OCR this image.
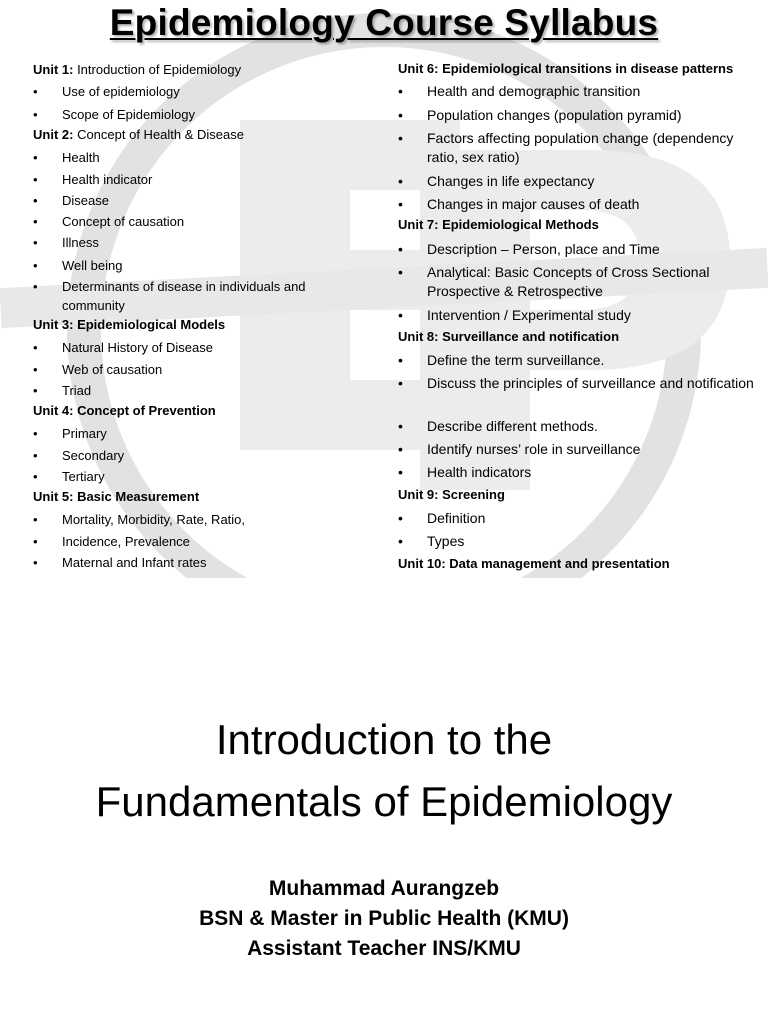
Epidemiology Course Syllabus
Unit 1: Introduction of Epidemiology
• Use of epidemiology
• Scope of Epidemiology
Unit 2: Concept of Health & Disease
• Health
• Health indicator
• Disease
• Concept of causation
• Illness
• Well being
• Determinants of disease in individuals and community
Unit 3: Epidemiological Models
• Natural History of Disease
• Web of causation
• Triad
Unit 4: Concept of Prevention
• Primary
• Secondary
• Tertiary
Unit 5: Basic Measurement
• Mortality, Morbidity, Rate, Ratio,
• Incidence, Prevalence
• Maternal and Infant rates
Unit 6: Epidemiological transitions in disease patterns
• Health and demographic transition
• Population changes (population pyramid)
• Factors affecting population change (dependency ratio, sex ratio)
• Changes in life expectancy
• Changes in major causes of death
Unit 7: Epidemiological Methods
• Description – Person, place and Time
• Analytical: Basic Concepts of Cross Sectional Prospective & Retrospective
• Intervention / Experimental study
Unit 8: Surveillance and notification
• Define the term surveillance.
• Discuss the principles of surveillance and notification
• Describe different methods.
• Identify nurses’ role in surveillance
• Health indicators
Unit 9: Screening
• Definition
• Types
Unit 10: Data management and presentation
Introduction to the
Fundamentals of Epidemiology
Muhammad Aurangzeb
BSN & Master in Public Health (KMU)
Assistant Teacher INS/KMU
